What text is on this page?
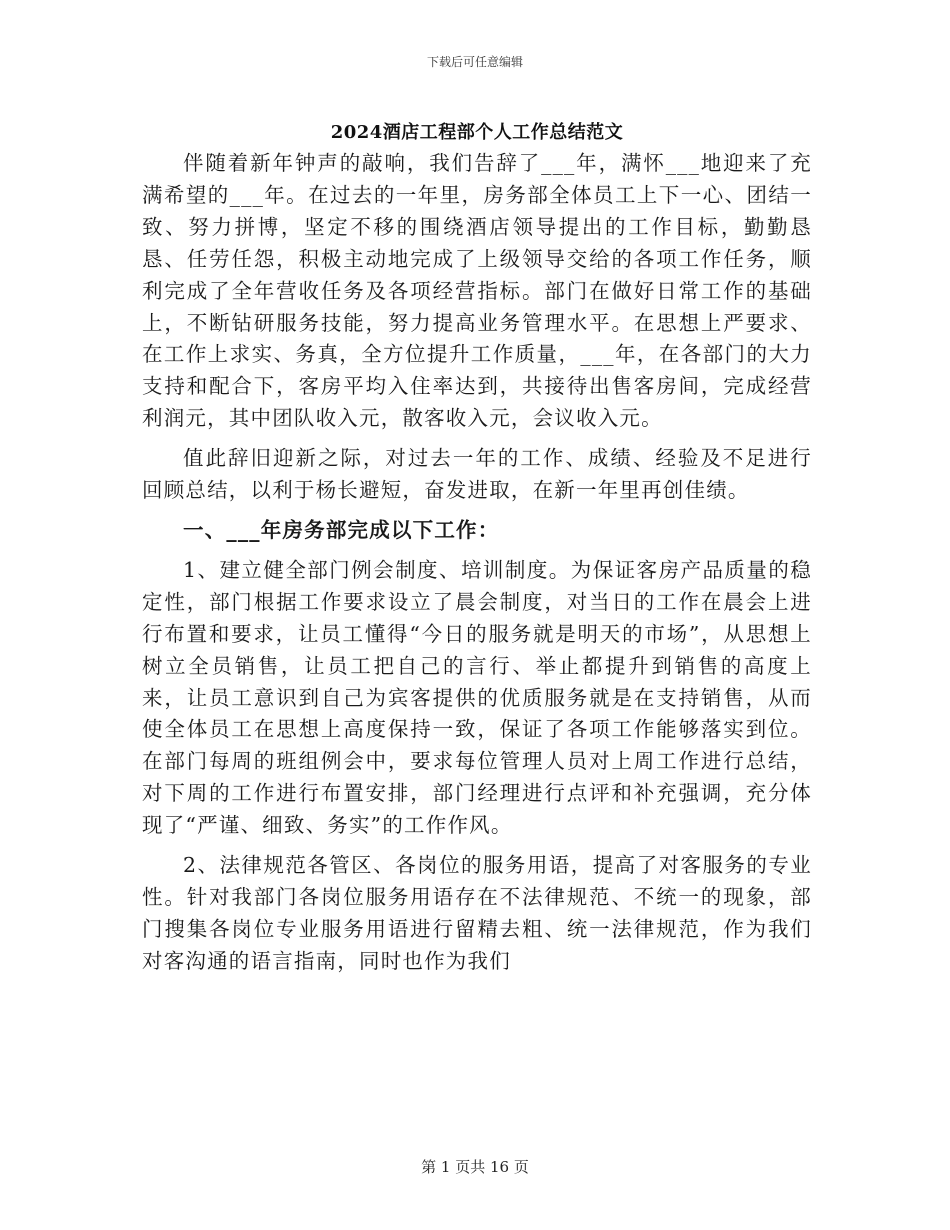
下载后可任意编辑
2024酒店工程部个人工作总结范文

伴随着新年钟声的敲响，我们告辞了___年，满怀___地迎来了充满希望的___年。在过去的一年里，房务部全体员工上下一心、团结一致、努力拼博，坚定不移的围绕酒店领导提出的工作目标，勤勤恳恳、任劳任怨，积极主动地完成了上级领导交给的各项工作任务，顺利完成了全年营收任务及各项经营指标。部门在做好日常工作的基础上，不断钻研服务技能，努力提高业务管理水平。在思想上严要求、在工作上求实、务真，全方位提升工作质量，___年，在各部门的大力支持和配合下，客房平均入住率达到，共接待出售客房间，完成经营利润元，其中团队收入元，散客收入元，会议收入元。

值此辞旧迎新之际，对过去一年的工作、成绩、经验及不足进行回顾总结，以利于杨长避短，奋发进取，在新一年里再创佳绩。

一、___年房务部完成以下工作：

1、建立健全部门例会制度、培训制度。为保证客房产品质量的稳定性，部门根据工作要求设立了晨会制度，对当日的工作在晨会上进行布置和要求，让员工懂得“今日的服务就是明天的市场”，从思想上树立全员销售，让员工把自己的言行、举止都提升到销售的高度上来，让员工意识到自己为宾客提供的优质服务就是在支持销售，从而使全体员工在思想上高度保持一致，保证了各项工作能够落实到位。在部门每周的班组例会中，要求每位管理人员对上周工作进行总结，对下周的工作进行布置安排，部门经理进行点评和补充强调，充分体现了“严谨、细致、务实”的工作作风。

2、法律规范各管区、各岗位的服务用语，提高了对客服务的专业性。针对我部门各岗位服务用语存在不法律规范、不统一的现象，部门搜集各岗位专业服务用语进行留精去粗、统一法律规范，作为我们对客沟通的语言指南，同时也作为我们

第 1 页共 16 页
